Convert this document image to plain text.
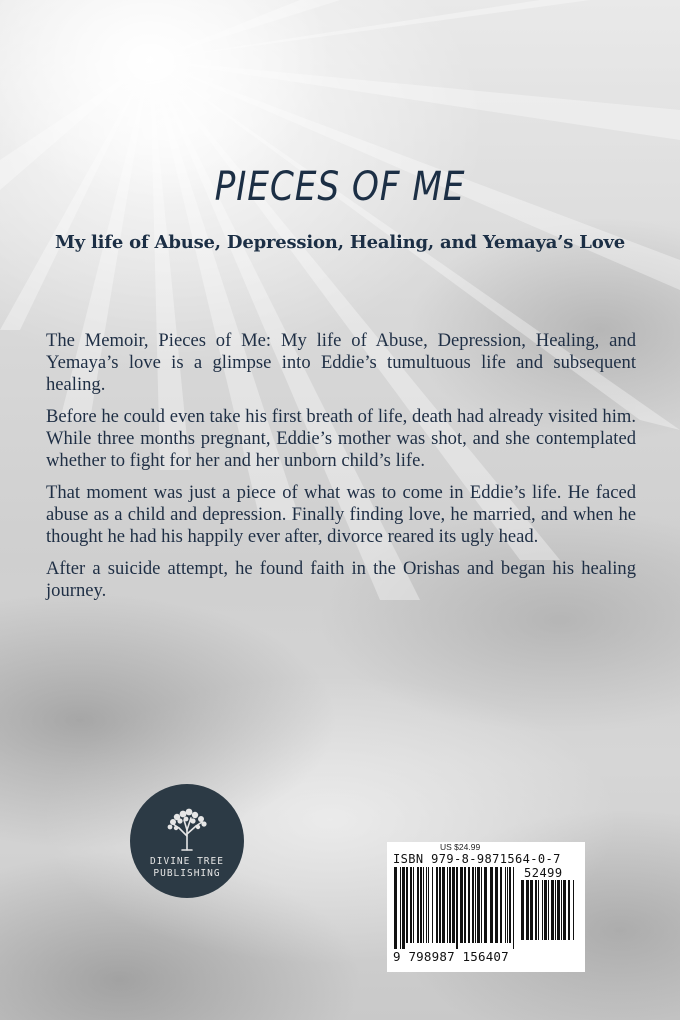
PIECES OF ME
My life of Abuse, Depression, Healing, and Yemaya’s Love

The Memoir, Pieces of Me: My life of Abuse, Depression, Healing, and Yemaya’s love is a glimpse into Eddie’s tumultuous life and subsequent healing.

Before he could even take his first breath of life, death had already visited him. While three months pregnant, Eddie’s mother was shot, and she contemplated whether to fight for her and her unborn child’s life.

That moment was just a piece of what was to come in Eddie’s life. He faced abuse as a child and depression. Finally finding love, he married, and when he thought he had his happily ever after, divorce reared its ugly head.

After a suicide attempt, he found faith in the Orishas and began his healing journey.

DIVINE TREE
PUBLISHING
US $24.99
ISBN 979-8-9871564-0-7
52499
9 798987 156407
